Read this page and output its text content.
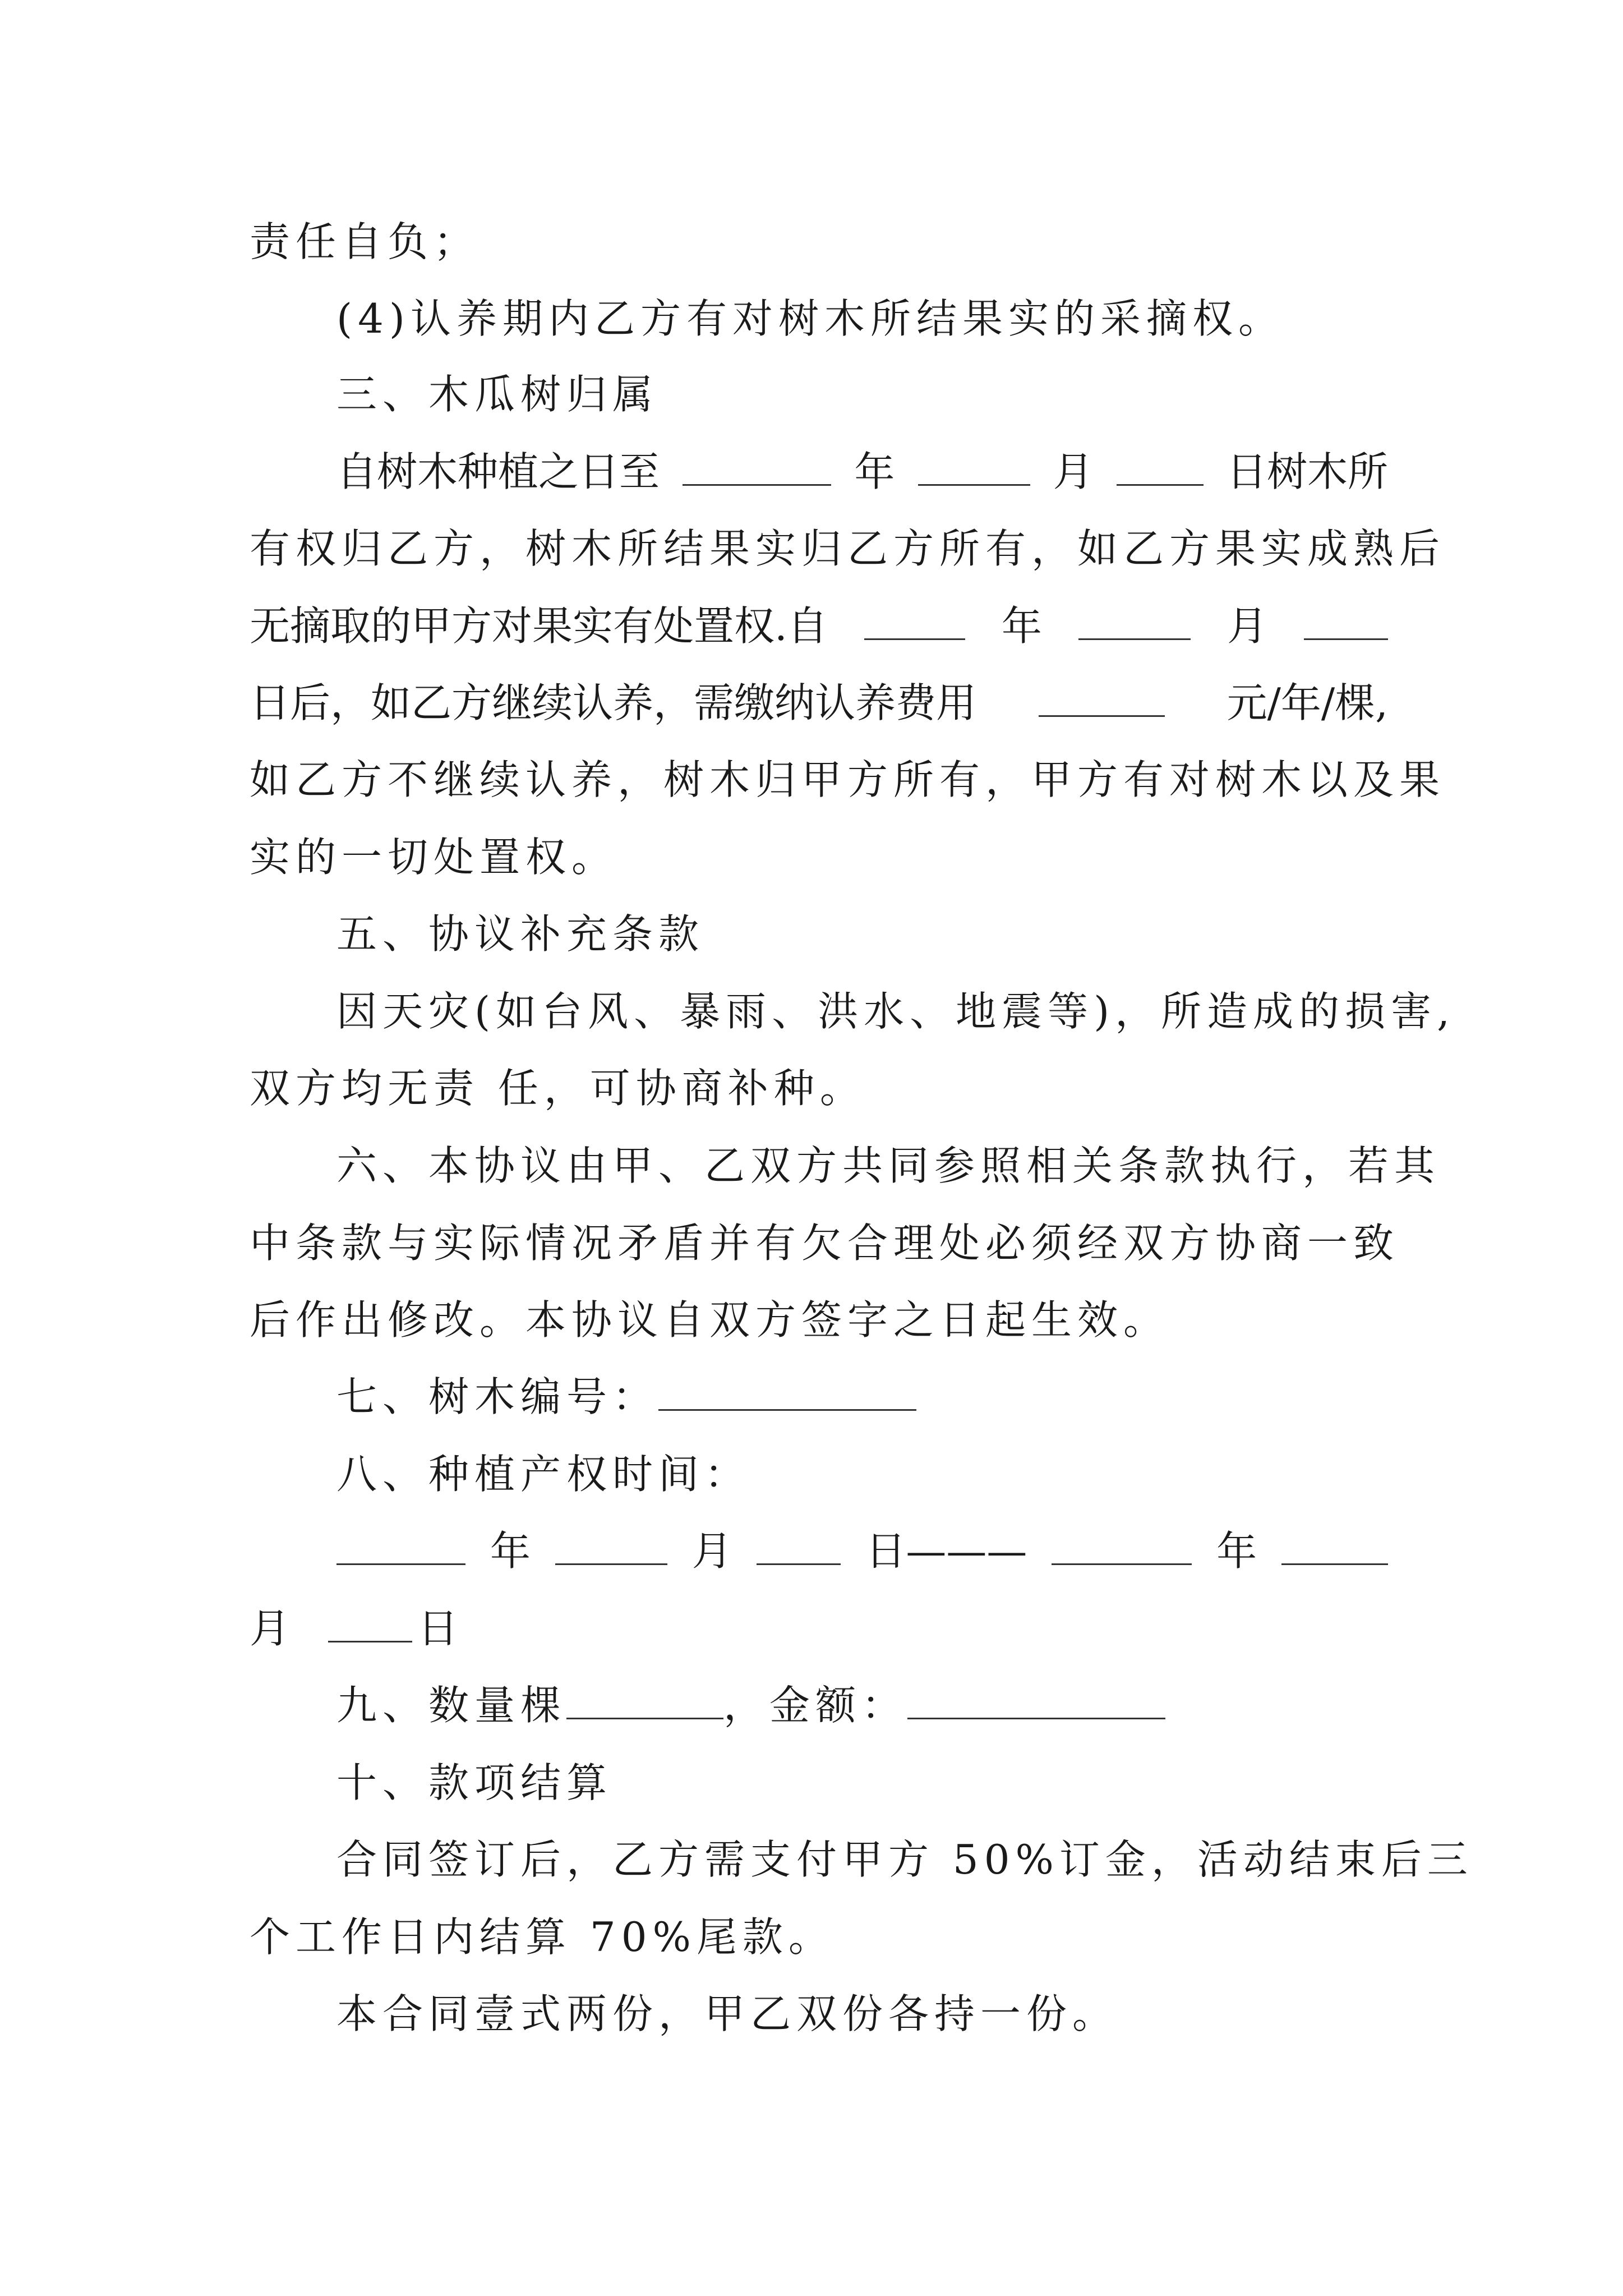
责任自负；
(4)认养期内乙方有对树木所结果实的采摘权。
三、木瓜树归属
自树木种植之日至	年	月	日树木所
有权归乙方，树木所结果实归乙方所有，如乙方果实成熟后
无摘取的甲方对果实有处置权.自	年	月
日后，如乙方继续认养，需缴纳认养费用	元/年/棵,
如乙方不继续认养，树木归甲方所有，甲方有对树木以及果
实的一切处置权。
五、协议补充条款
因天灾(如台风、暴雨、洪水、地震等)，所造成的损害,
双方均无责 任，可协商补种。
六、本协议由甲、乙双方共同参照相关条款执行，若其
中条款与实际情况矛盾并有欠合理处必须经双方协商一致
后作出修改。本协议自双方签字之日起生效。
七、树木编号：
八、种植产权时间：
年	月	日———	年
月	日
九、数量棵	，金额：
十、款项结算
合同签订后，乙方需支付甲方 50%订金，活动结束后三
个工作日内结算 70%尾款。
本合同壹式两份，甲乙双份各持一份。
